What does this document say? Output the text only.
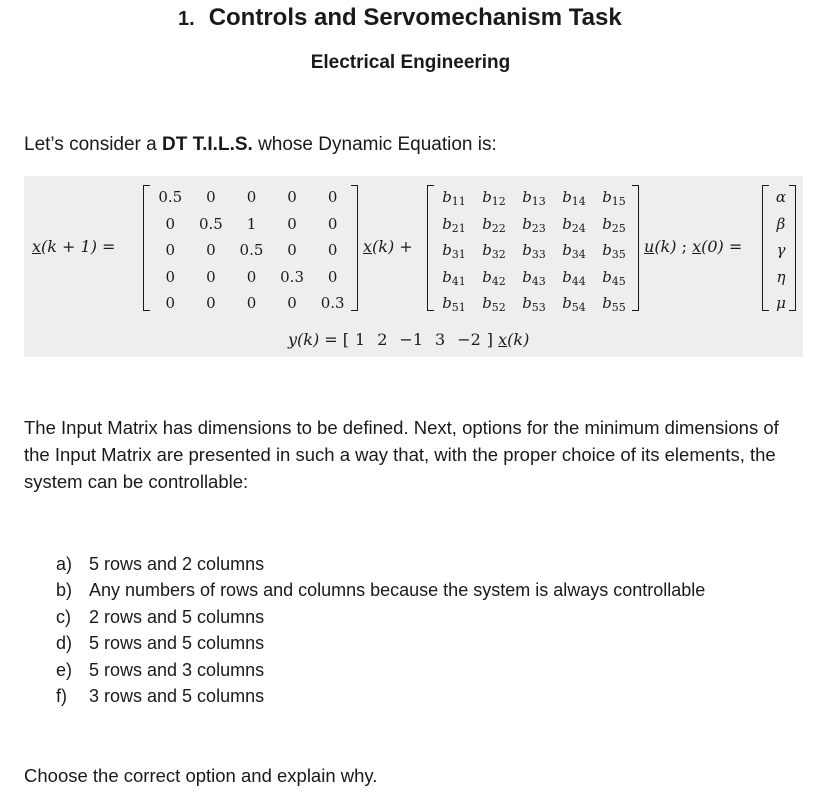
1. Controls and Servomechanism Task
Electrical Engineering
Let’s consider a DT T.I.L.S. whose Dynamic Equation is:
x(k + 1) =
0.5	0	0	0	0
0	0.5	1	0	0
0	0	0.5	0	0
0	0	0	0.3	0
0	0	0	0	0.3
x(k) +
$b_{11}$	$b_{12}$	$b_{13}$	$b_{14}$	$b_{15}$
$b_{21}$	$b_{22}$	$b_{23}$	$b_{24}$	$b_{25}$
$b_{31}$	$b_{32}$	$b_{33}$	$b_{34}$	$b_{35}$
$b_{41}$	$b_{42}$	$b_{43}$	$b_{44}$	$b_{45}$
$b_{51}$	$b_{52}$	$b_{53}$	$b_{54}$	$b_{55}$
u(k) ; x(0) =
α
β
γ
η
μ
y(k) = [ 1 2 −1 3 −2 ] x(k)
The Input Matrix has dimensions to be defined. Next, options for the minimum dimensions of the Input Matrix are presented in such a way that, with the proper choice of its elements, the system can be controllable:
a) 5 rows and 2 columns
b) Any numbers of rows and columns because the system is always controllable
c) 2 rows and 5 columns
d) 5 rows and 5 columns
e) 5 rows and 3 columns
f) 3 rows and 5 columns
Choose the correct option and explain why.
